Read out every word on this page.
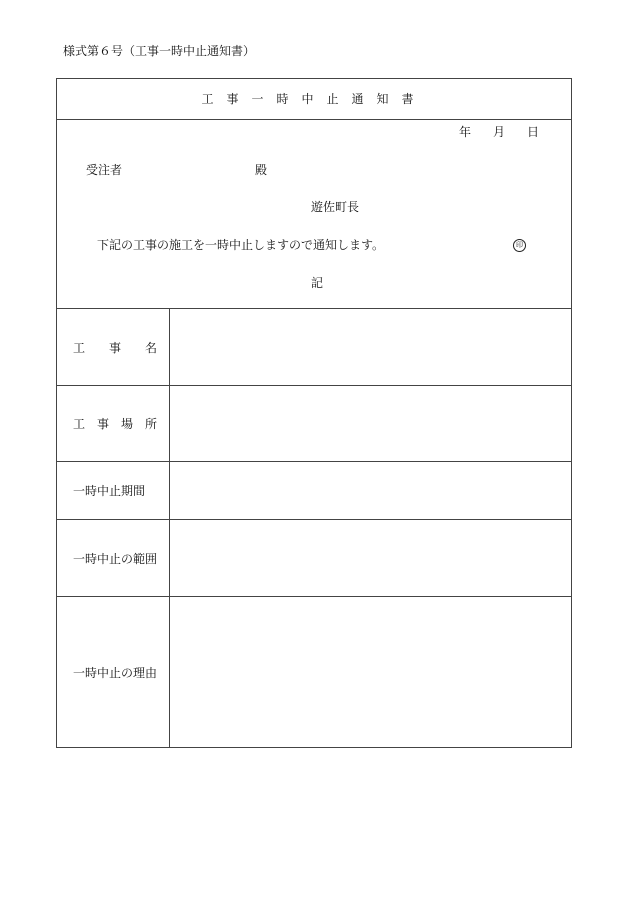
様式第６号（工事一時中止通知書）
工事一時中止通知書
年 月 日
受注者	殿
遊佐町長
印
下記の工事の施工を一時中止しますので通知します。
記
工　　事　　名
工　事　場　所
一時中止期間
一時中止の範囲
一時中止の理由
